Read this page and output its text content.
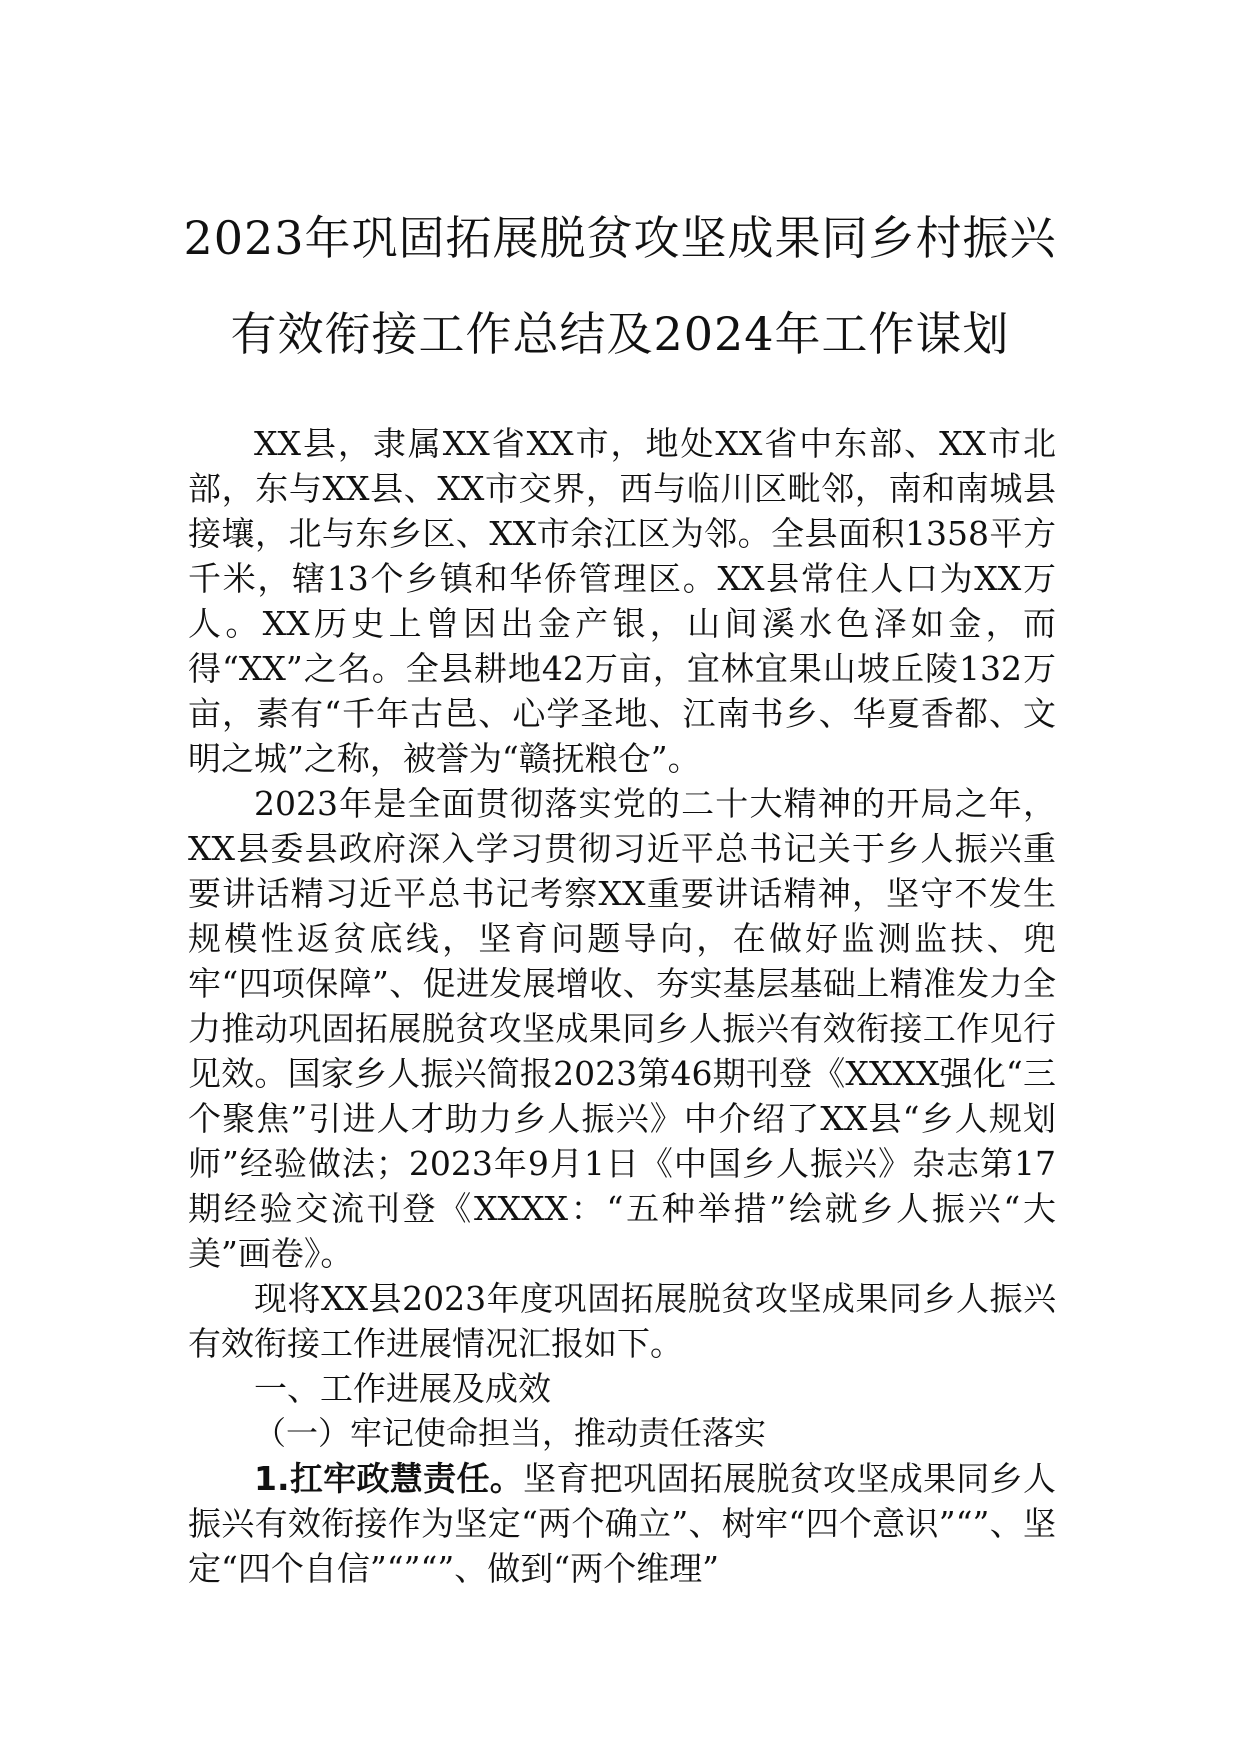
2023年巩固拓展脱贫攻坚成果同乡村振兴
有效衔接工作总结及2024年工作谋划

XX县，隶属XX省XX市，地处XX省中东部、XX市北部，东与XX县、XX市交界，西与临川区毗邻，南和南城县接壤，北与东乡区、XX市余江区为邻。全县面积1358平方千米，辖13个乡镇和华侨管理区。XX县常住人口为XX万人。XX历史上曾因出金产银，山间溪水色泽如金，而得“XX”之名。全县耕地42万亩，宜林宜果山坡丘陵132万亩，素有“千年古邑、心学圣地、江南书乡、华夏香都、文明之城”之称，被誉为“赣抚粮仓”。

2023年是全面贯彻落实党的二十大精神的开局之年，XX县委县政府深入学习贯彻习近平总书记关于乡人振兴重要讲话精习近平总书记考察XX重要讲话精神，坚守不发生规模性返贫底线，坚育问题导向，在做好监测监扶、兜牢“四项保障”、促进发展增收、夯实基层基础上精准发力全力推动巩固拓展脱贫攻坚成果同乡人振兴有效衔接工作见行见效。国家乡人振兴简报2023第46期刊登《XXXX强化“三个聚焦”引进人才助力乡人振兴》中介绍了XX县“乡人规划师”经验做法；2023年9月1日《中国乡人振兴》杂志第17期经验交流刊登《XXXX：“五种举措”绘就乡人振兴“大美”画卷》。

现将XX县2023年度巩固拓展脱贫攻坚成果同乡人振兴有效衔接工作进展情况汇报如下。

一、工作进展及成效

（一）牢记使命担当，推动责任落实

1.扛牢政慧责任。坚育把巩固拓展脱贫攻坚成果同乡人振兴有效衔接作为坚定“两个确立”、树牢“四个意识”“”、坚定“四个自信”“”“”、做到“两个维理”
